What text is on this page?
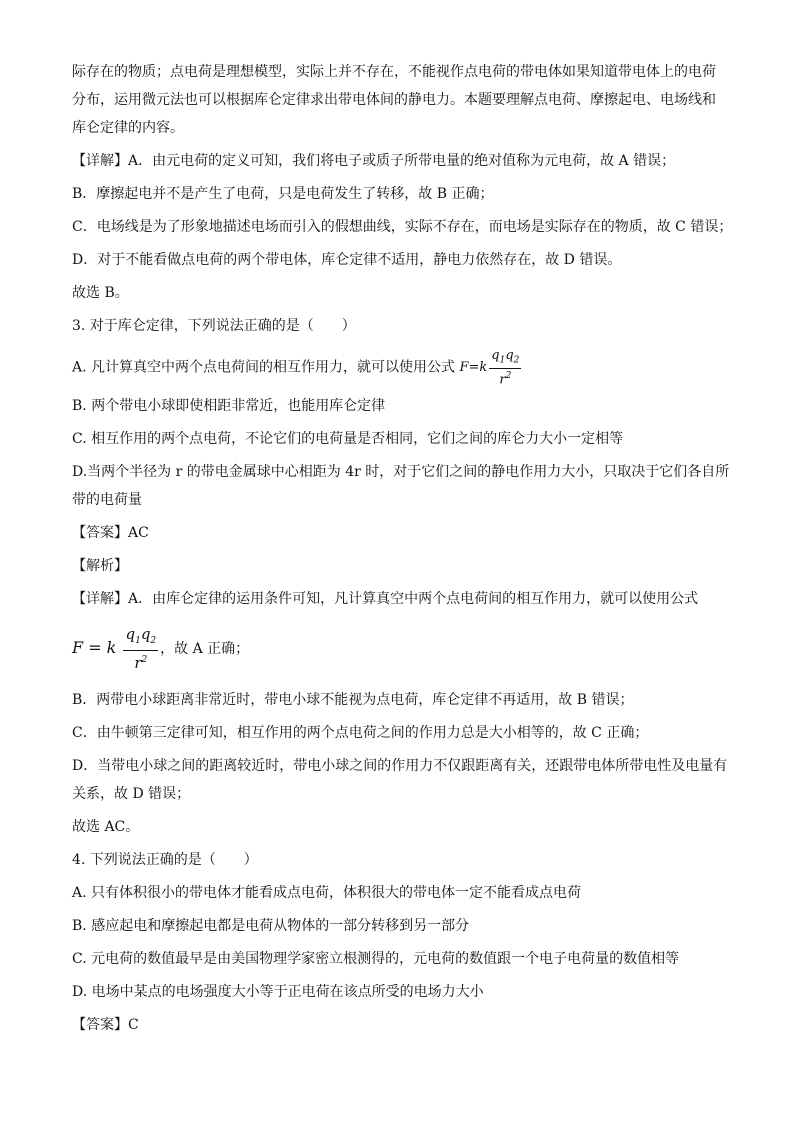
际存在的物质；点电荷是理想模型，实际上并不存在，不能视作点电荷的带电体如果知道带电体上的电荷

分布，运用微元法也可以根据库仑定律求出带电体间的静电力。本题要理解点电荷、摩擦起电、电场线和

库仑定律的内容。

【详解】A．由元电荷的定义可知，我们将电子或质子所带电量的绝对值称为元电荷，故 A 错误；

B．摩擦起电并不是产生了电荷，只是电荷发生了转移，故 B 正确；

C．电场线是为了形象地描述电场而引入的假想曲线，实际不存在，而电场是实际存在的物质，故 C 错误；

D．对于不能看做点电荷的两个带电体，库仑定律不适用，静电力依然存在，故 D 错误。

故选 B。

3. 对于库仑定律，下列说法正确的是（　　）

A. 凡计算真空中两个点电荷间的相互作用力，就可以使用公式 $F=k \frac{q_1q_2}{r^2}$

B. 两个带电小球即使相距非常近，也能用库仑定律

C. 相互作用的两个点电荷，不论它们的电荷量是否相同，它们之间的库仑力大小一定相等

D.当两个半径为 r 的带电金属球中心相距为 4r 时，对于它们之间的静电作用力大小，只取决于它们各自所

带的电荷量

【答案】AC

【解析】

【详解】A．由库仑定律的运用条件可知，凡计算真空中两个点电荷间的相互作用力，就可以使用公式

F = k $\frac{q_1q_2}{r^2}$ ，故 A 正确；

B．两带电小球距离非常近时，带电小球不能视为点电荷，库仑定律不再适用，故 B 错误；

C．由牛顿第三定律可知，相互作用的两个点电荷之间的作用力总是大小相等的，故 C 正确；

D．当带电小球之间的距离较近时，带电小球之间的作用力不仅跟距离有关，还跟带电体所带电性及电量有

关系，故 D 错误；

故选 AC。

4. 下列说法正确的是（　　）

A. 只有体积很小的带电体才能看成点电荷，体积很大的带电体一定不能看成点电荷

B. 感应起电和摩擦起电都是电荷从物体的一部分转移到另一部分

C. 元电荷的数值最早是由美国物理学家密立根测得的，元电荷的数值跟一个电子电荷量的数值相等

D. 电场中某点的电场强度大小等于正电荷在该点所受的电场力大小

【答案】C
